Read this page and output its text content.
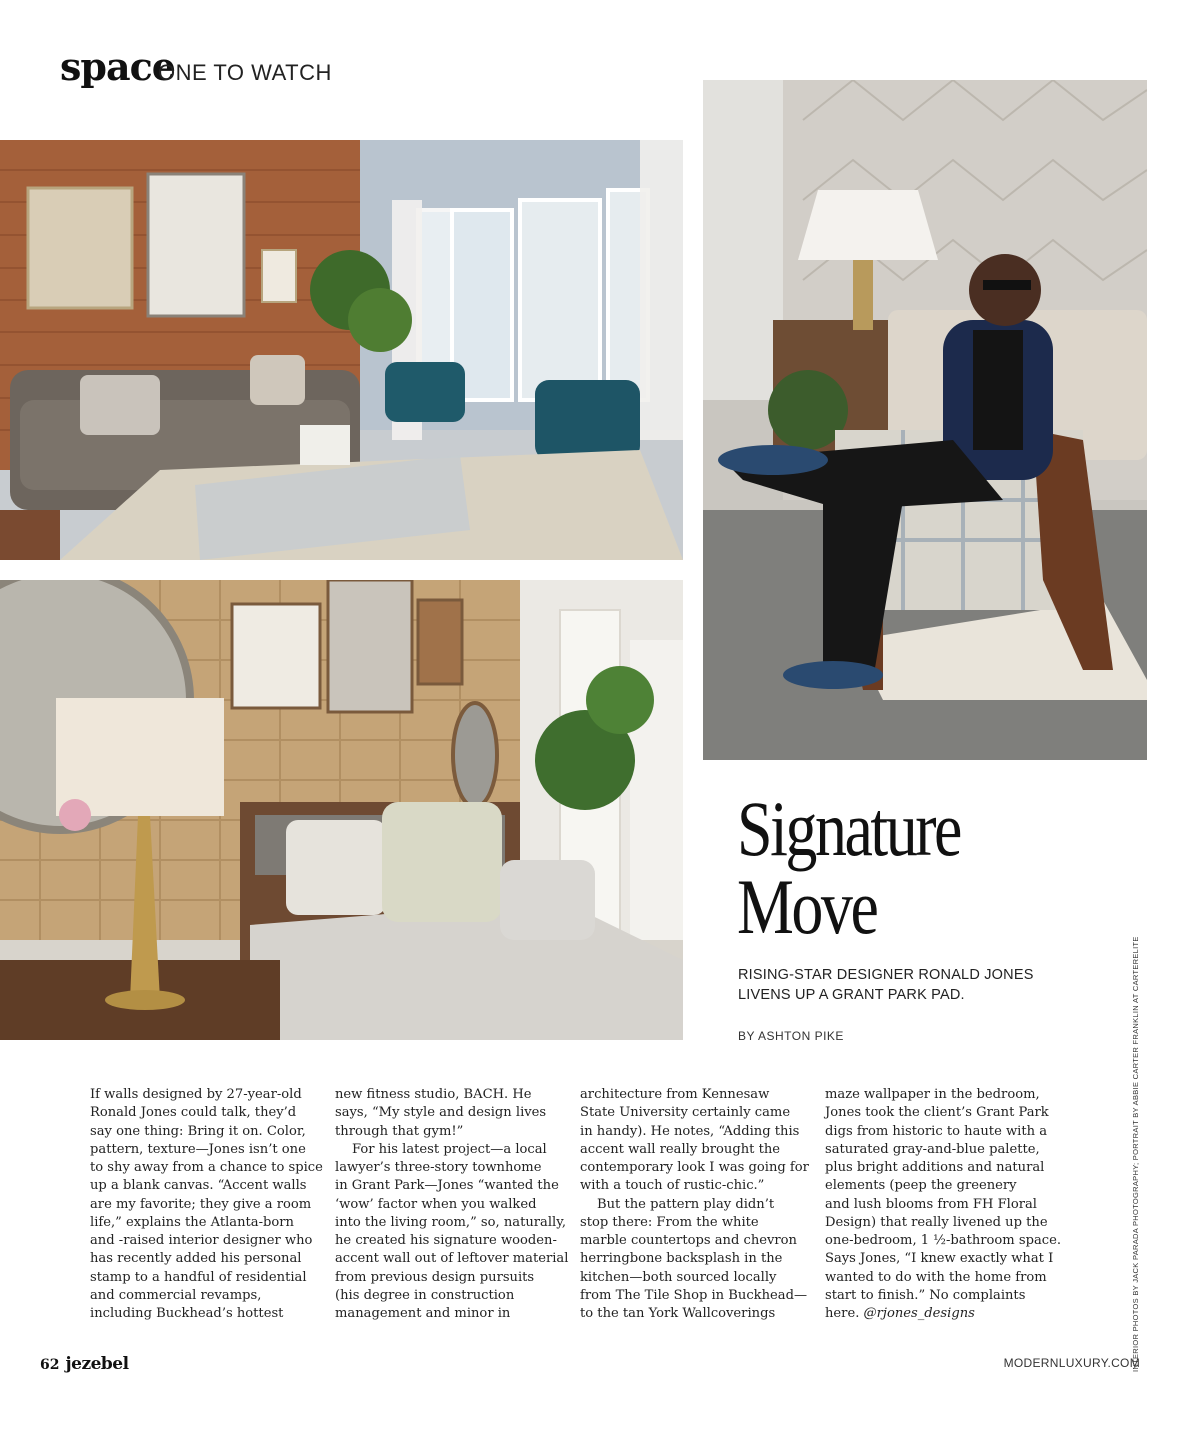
space
ONE TO WATCH
Signature
Move
RISING-STAR DESIGNER RONALD JONES
LIVENS UP A GRANT PARK PAD.
BY ASHTON PIKE

If walls designed by 27-year-old

Ronald Jones could talk, they’d

say one thing: Bring it on. Color,

pattern, texture—Jones isn’t one

to shy away from a chance to spice

up a blank canvas. “Accent walls

are my favorite; they give a room

life,” explains the Atlanta-born

and -raised interior designer who

has recently added his personal

stamp to a handful of residential

and commercial revamps,

including Buckhead’s hottest

new fitness studio, BACH. He

says, “My style and design lives

through that gym!”

For his latest project—a local

lawyer’s three-story townhome

in Grant Park—Jones “wanted the

‘wow’ factor when you walked

into the living room,” so, naturally,

he created his signature wooden-

accent wall out of leftover material

from previous design pursuits

(his degree in construction

management and minor in

architecture from Kennesaw

State University certainly came

in handy). He notes, “Adding this

accent wall really brought the

contemporary look I was going for

with a touch of rustic-chic.”

But the pattern play didn’t

stop there: From the white

marble countertops and chevron

herringbone backsplash in the

kitchen—both sourced locally

from The Tile Shop in Buckhead—

to the tan York Wallcoverings

maze wallpaper in the bedroom,

Jones took the client’s Grant Park

digs from historic to haute with a

saturated gray-and-blue palette,

plus bright additions and natural

elements (peep the greenery

and lush blooms from FH Floral

Design) that really livened up the

one-bedroom, 1 ½-bathroom space.

Says Jones, “I knew exactly what I

wanted to do with the home from

start to finish.” No complaints

here. @rjones_designs	INTERIOR PHOTOS BY JACK PARADA PHOTOGRAPHY; PORTRAIT BY ABBIE CARTER FRANKLIN AT CARTERELITE
62 jezebel	MODERNLUXURY.COM
